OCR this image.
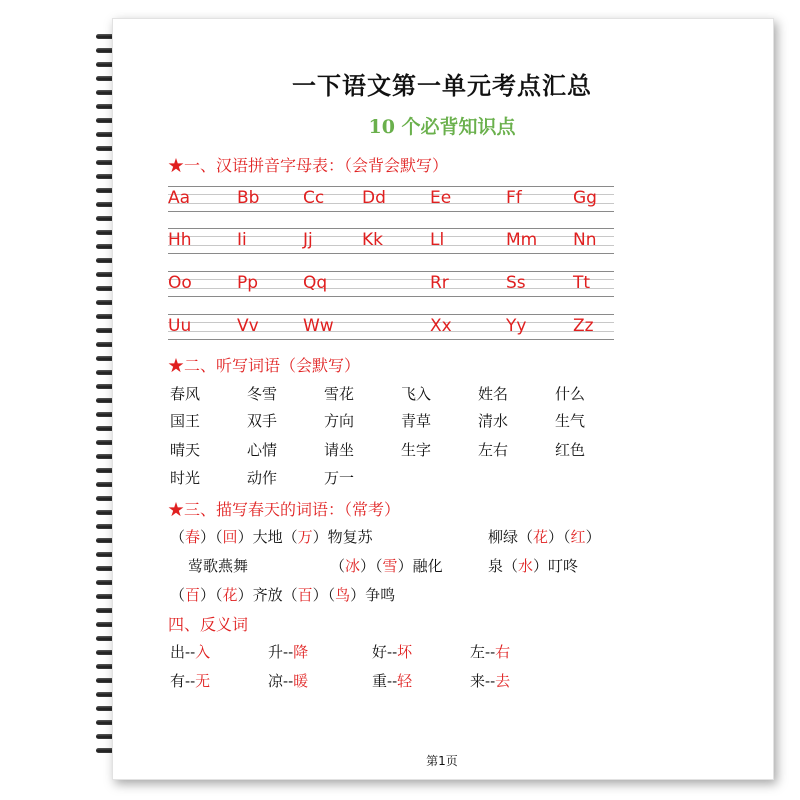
一下语文第一单元考点汇总
10 个必背知识点
★一、汉语拼音字母表：（会背会默写）
Aa	Bb	Cc Dd	Ee	Ff	Gg
Hh	Ii	Jj	Kk	Ll	Mm Nn
Oo	Pp	Qq	Rr	Ss	Tt
Uu	Vv	Ww	Xx	Yy	Zz
★二、听写词语（会默写）
春风	冬雪	雪花	飞入	姓名	什么
国王	双手	方向	青草	清水	生气
晴天	心情	请坐	生字	左右	红色
时光	动作	万一
★三、描写春天的词语：（常考）
（春）（回）大地（万）物复苏	柳绿（花）（红）
莺歌燕舞	（冰）（雪）融化	泉（水）叮咚
（百）（花）齐放（百）（鸟）争鸣
四、反义词
出--入	升--降	好--坏	左--右
有--无	凉--暖	重--轻	来--去
第1页
